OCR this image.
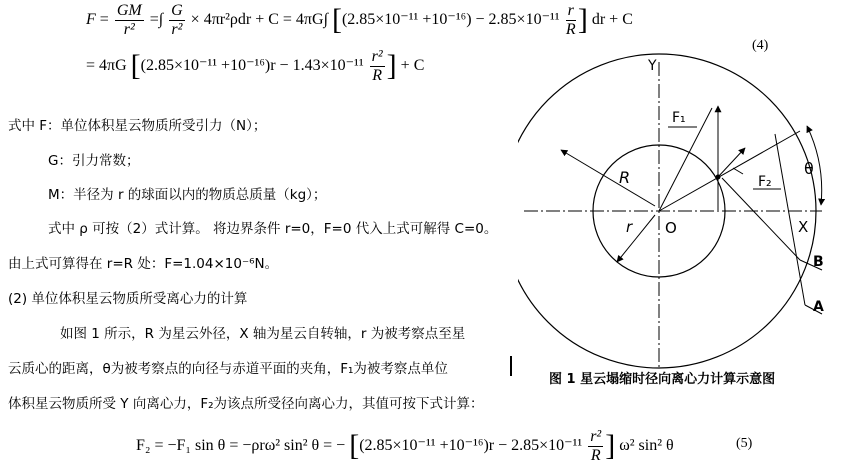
$F = \frac{GM}{\text{r²}}$ =∫ $\frac{G}{\text{r²}} \times 4\pi r^2\rho dr + C = 4\pi G\int$ [$(2.85\times 10^{-11} +10^{-16}) - 2.85\times 10^{-11} \frac{r}{R}$ ] dr + C
= 4πG [$(2.85\times 10^{-11} +10^{-16})r - 1.43\times 10^{-11} \frac{\text{r²}}{R}$ ] + C
(4)
式中 F：单位体积星云物质所受引力（N）；
G：引力常数；
M：半径为 r 的球面以内的物质总质量（kg）；
式中 ρ 可按（2）式计算。 将边界条件 r=0，F=0 代入上式可解得 C=0。
由上式可算得在 r=R 处：F=1.04×10⁻⁶N。
(2) 单位体积星云物质所受离心力的计算
如图 1 所示，R 为星云外径，X 轴为星云自转轴，r 为被考察点至星
云质心的距离，θ为被考察点的向径与赤道平面的夹角，F₁为被考察点单位
体积星云物质所受 Y 向离心力，F₂为该点所受径向离心力，其值可按下式计算：
F₂ = −F₁ sin θ = −ρrω² sin² θ = − [$(2.85\times 10^{-11} +10^{-16})r - 2.85\times 10^{-11} \frac{\text{r²}}{R}$ ] ω² sin² θ	(5)
Y
X
O
R
r
F₁
F₂
θ
B
A
图 1 星云塌缩时径向离心力计算示意图
